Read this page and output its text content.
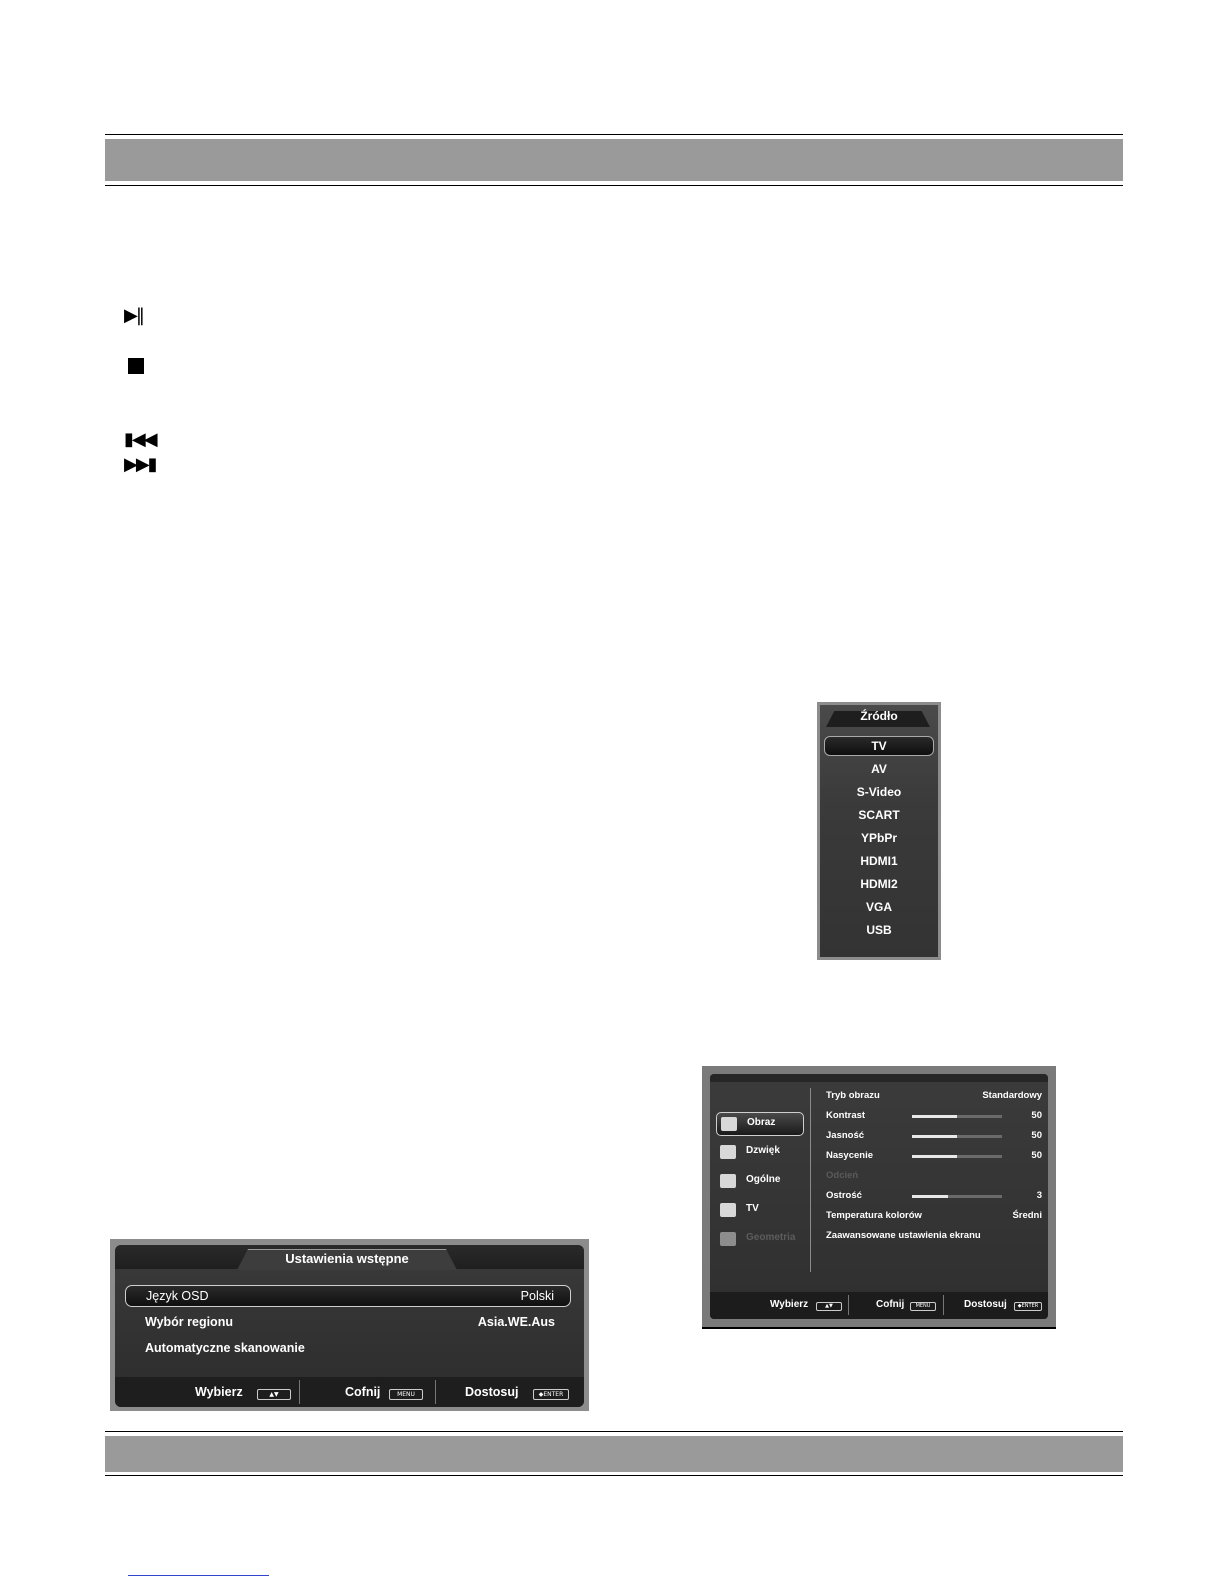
▶‖
▮◀◀
▶▶▮
Źródło
TV
AV
S-Video
SCART
YPbPr
HDMI1
HDMI2
VGA
USB
Obraz
Dzwięk
Ogólne
TV
Geometria
Tryb obrazu	Standardowy
Kontrast	50
Jasność	50
Nasycenie	50
Odcień
Ostrość	3
Temperatura kolorów	Średni
Zaawansowane ustawienia ekranu
Wybierz	▲▼	Cofnij	MENU	Dostosuj	◆ENTER
Ustawienia wstępne
Język OSD	Polski
Wybór regionu	Asia.WE.Aus
Automatyczne skanowanie
Wybierz	▲▼	Cofnij	MENU	Dostosuj	◆ENTER
